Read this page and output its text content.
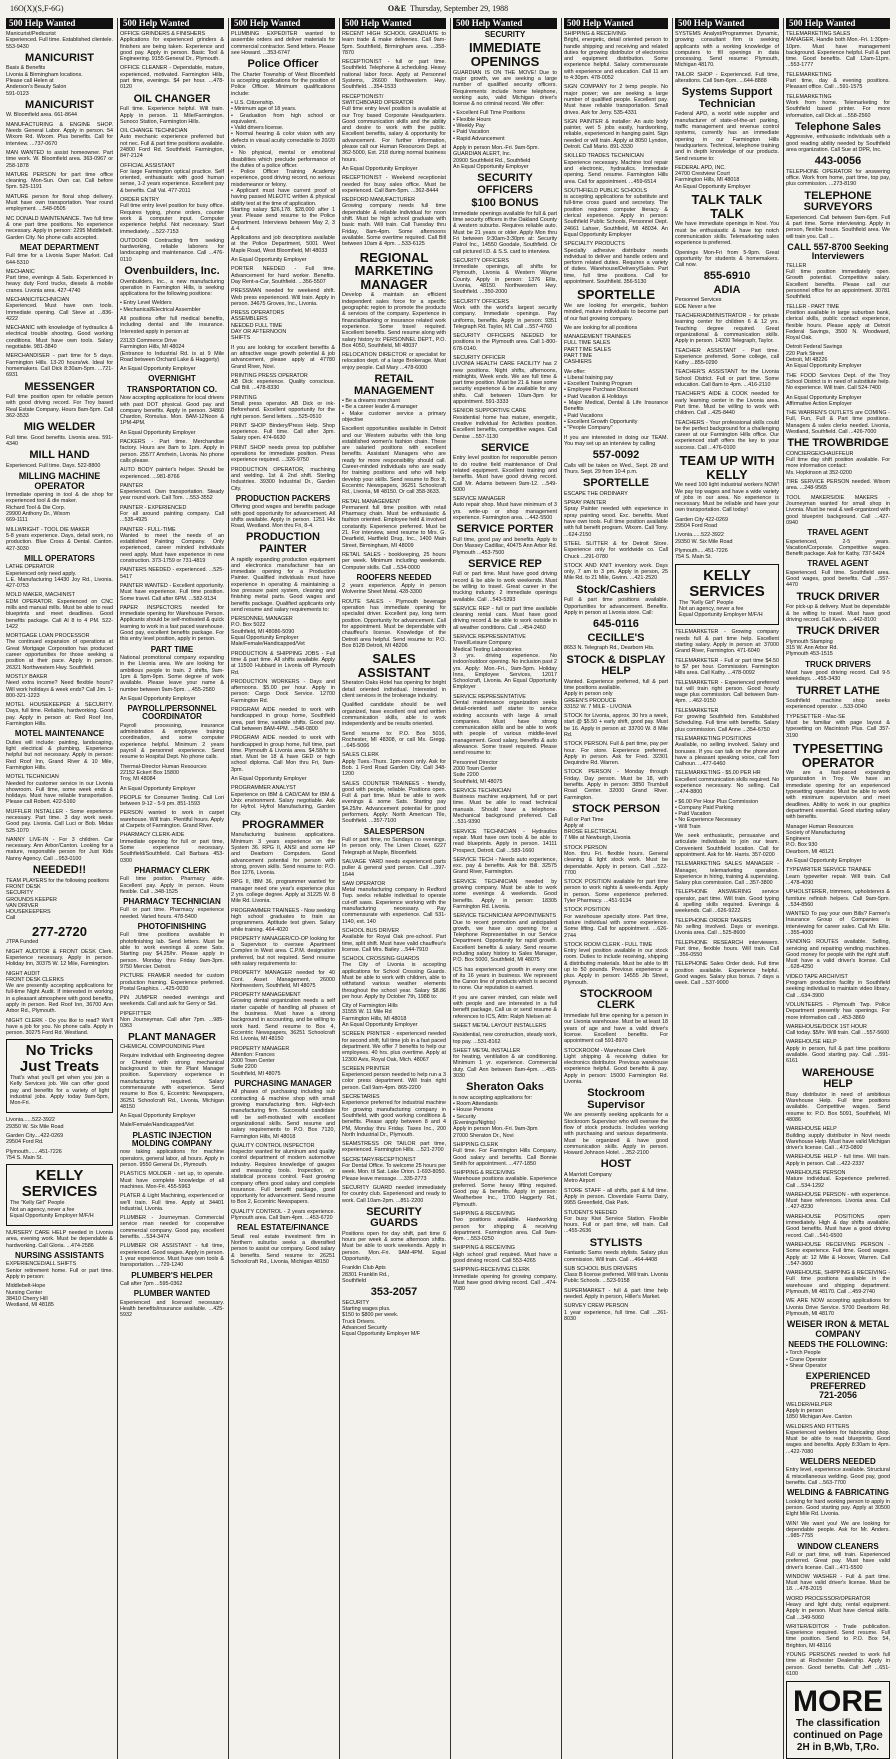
16O(X)(S,F-6G)	O&E Thursday, September 29, 1988
500 Help Wanted
Manicurist/Pedicurist
Experienced. Full time. Established clientele. 553-9430
MANICURIST
Basis & Benefits
Livonia & Birmingham locations.
Please call Helen at
Anderson's Beauty Salon
591-0123
MANICURIST
W. Bloomfield area. 661-8644
MANUFACTURING & ENGINE SHOP. Needs General Labor. Apply in person. 54 Wixom Rd. Wixom. Plus benefits. Call for interview. ...737-0670
MAN WANTED to assist homeowner. Part time work. W. Bloomfield area. 363-0967 or 258-1878
MATURE PERSON for part time office cleaning. Mon-Sun. Own car. Call before 5pm. 525-1191
MATURE person for floral shop delivery. Must have own transportation. Year round employment. ...548-0505
MC DONALD MAINTENANCE. Two full time & one part time positions. No experience necessary. Apply in person: 2295 Middlebelt. Garden City. No phone calls accepted.
MEAT DEPARTMENT
Full time for a Livonia Super Market. Call 644-5310
MECHANIC
Part time, evenings & Sats. Experienced in heavy duty Ford trucks, diesels & mobile cranes. Livonia area. 427-4740
MECHANIC/TECHNICIAN
Experienced. Must have own tools. Immediate opening. Call Steve at ...836-4222
MECHANIC with knowledge of hydraulics & electrical trouble shooting. Good working conditions. Must have own tools. Salary negotiable. 981-3840
MERCHANDISER - part time for 5 days. Farmington Hills. 13-20 hours/wk. Ideal for homemakers. Call Dick 8:30am-5pm. ...721-6931
MESSENGER
Full time position open for reliable person with good driving record. For Troy based Real Estate Company. Hours 8am-5pm. Call 362-3533
MIG WELDER
Full time. Good benefits. Livonia area. 591-4340
MILL HAND
Experienced. Full time. Days. 522-8800
MILLING MACHINE OPERATOR
Immediate opening in tool & die shop for experienced tool & die maker.
Richard Tool & Die Corp.
29900 Anthony Dr., Wixom
669-1111
MILLWRIGHT - TOOL DIE MAKER
5-8 years experience. Days, detail work, no production. Blue Cross & Dental. Canton. 427-3030
MILL OPERATORS
LATHE OPERATOR
Experienced only need apply.
L.E. Manufacturing 14430 Joy Rd., Livonia. 427-0753
MOLD MAKER, MACHINIST
EDM OPERATOR. Experienced on CNC mills and manual mills. Must be able to read blueprints and meet deadlines. Good benefits package. Call Al 8 to 4 PM. 522-1422
MORTGAGE LOAN PROCESSOR
The continued expansion of operations at Great Mortgage Corporation has produced career opportunities for those seeking a position at their pace. Apply in person. 26321 Northwestern Hwy. Southfield.
MOSTLY BAKER
Need extra income? Need flexible hours? Will work holidays & week ends? Call Jim. 1-800-321-1223
MOTEL HOUSEKEEPER & SECURITY. Days, full time. Reliable, hardworking. Good pay. Apply in person at: Red Roof Inn, Farmington Hills.
MOTEL MAINTENANCE
Duties will include: painting, landscaping, light electrical & plumbing. Experience helpful but not necessary. Apply in person: Red Roof Inn, Grand River & 10 Mile, Farmington Hills.
MOTEL TECHNICIAN
Needed for customer service in our Livonia showroom. Full time, some week ends & holidays. Must have reliable transportation. Please call Robert. 422-5160
MUFFLER INSTALLER - Some experience necessary. Part time. 3 day work week. Good pay. Livonia. Call Luci or Bob. Midas 525-1070
NANNY LIVE-IN - For 3 children. Car necessary. Ann Arbor/Canton. Looking for a mature, responsible person for Just Kids Nanny Agency. Call ...953-0100
NEEDED!!
TEAM PLAYERS for the following positions
FRONT DESK
SECURITY
GROUNDS KEEPER
VAN DRIVER
HOUSEKEEPERS
Call
277-2720
JTPA Funded
NIGHT AUDITOR & FRONT DESK Clerk. Experience necessary. Apply in person. Holiday Inn, 30375 W. 12 Mile, Farmington.
NIGHT AUDIT
FRONT DESK CLERKS
We are presently accepting applications for full-time Night Audit. If interested in working in a pleasant atmosphere with good benefits, apply in person. Red Roof Inn, 36700 Ann Arbor Rd., Plymouth.
NIGHT CLERK - Do you like to read? We'll have a job for you. No phone calls. Apply in person. 30275 Ford Rd. Westland.
No Tricks Just Treats
That's what you'll get when you join a Kelly Services job. We can offer good pay and benefits for a variety of light industrial jobs. Apply today 9am-5pm, Mon-Fri.
Livonia......522-3922
29350 W. Six Mile Road
Garden City....422-0269
29504 Ford Rd.
Plymouth.......451-7226
754 S. Main St.
KELLY SERVICES
The "Kelly Girl" People
Not an agency, never a fee
Equal Opportunity Employer M/F/H
NURSERY CARE HELP needed in Livonia area, evening work. Must be dependable & hardworking. Call Gloria. ...474-2586
NURSING ASSISTANTS
EXPERIENCED/ALL SHIFTS
Senior retirement home. Full or part time. Apply in person:
Middlebelt-Hope
Nursing Center
38410 Cherry Hill
Westland, MI 48185
500 Help Wanted
OFFICE GRINDERS & FINISHERS
Applications for experienced grinders & finishers are being taken. Experience and good pay. Apply in person. Basic Tool & Engineering. 9155 General Dr., Plymouth.
OFFICE CLEANER - Dependable, mature, experienced, motivated. Farmington Hills, part time, evenings. $4 per hour. ...478-0120
OIL CHANGER
Full time. Experience helpful. Will train. Apply in person. 11 Mile/Farmington. Sunoco Station, Farmington Hills.
OIL CHANGE TECHNICIAN
Auto mechanic experience preferred but not nec. Full & part time positions available. 24800 Ford Rd. Southfield. Farmington, 847-2124
OFFICIAL ASSISTANT
For large Farmington optical practice. Self oriented, enthusiastic with good human sense, 1-2 years experience. Excellent pay & benefits. Call Val. 477-2011
ORDER ENTRY
Full time entry level position for busy office. Requires typing, phone orders, counter work & computer input. Computer experience helpful. Not necessary. Start immediately. ...522-7153
OUTDOOR Contracting firm seeking hardworking, reliable laborers for landscaping and maintenance. Call ...476-0110
Ovenbuilders, Inc.
Ovenbuilders, Inc., a new manufacturing operation in Farmington Hills, is seeking applications for the following positions:
• Entry Level Welders
• Mechanical/Electrical Assembler
All positions offer full medical benefits, including dental and life insurance. Interested apply in person at:
23133 Commerce Drive
Farmington Hills, MI 48024
(Entrance to Industrial Rd. is at 9 Mile Road between Orchard Lake & Haggerty)
An Equal Opportunity Employer
OVERNIGHT
TRANSPORTATION CO.
Now accepting applications for local drivers with past DOT physical. Good pay and company benefits. Apply in person. 34860 Chardon, Romulus. Mon. 8AM-12Noon & 1PM-4PM.
An Equal Opportunity Employer
PACKERS - Part time. Merchandise factory. Hours are 8am to 1pm. Apply in person. 25577 Amrhein, Livonia. No phone calls please.
AUTO BODY painter's helper. Should be experienced. ...981-8766
PAINTER
Experienced. Own transportation. Steady year round work. Call Tom. ...553-3552
PAINTER - EXPERIENCED
For all around painting company. Call ...535-4925
PAINTER - FULL-TIME
Wanted to meet the needs of an established Painting Company. Only experienced, career minded individuals need apply. Must have experience in new construction. 373-1759 or 731-4819
PAINTERS NEEDED - experienced. ...525-5417
PAINTER WANTED - Excellent opportunity. Must have experience. Full time position. Some travel. Call after 6PM. ...582-9134
PAPER INSPECTORS needed for immediate opening for Warehouse Person. Applicants should be self-motivated & quick learning to work in a fast paced warehouse. Good pay, excellent benefits package. For this entry level position, apply in person.
PART TIME
National promotional company expanding in the Livonia area. We are looking for ambitious people to train. 2 shifts, 9am-1pm & 5pm-9pm. Some degree of work available. Please leave your name & number between 9am-5pm. ...455-2580
An Equal Opportunity Employer
PAYROLL/PERSONNEL COORDINATOR
Payroll processing, insurance administration & employee training coordination, and some computer experience helpful. Minimum 2 years payroll & personnel experience. Send resume to Hospital Dept. No phone calls.
Thermal-Director Human Resources
22152 Eckert Box 15800
Troy, MI 48084
An Equal Opportunity Employer
PEOPLE for Consumer Testing. Call Lori between 9-12 - 5-9 pm. 851-1593
PERSON wanted to work in carpet warehouse. Will train. Plentiful hours. Apply at Carpets of Farmington. Grand River.
PHARMACY CLERK-AIDE
Immediate opening for full or part time, Some experience necessary. Southfield/Southfield. Call Barbara 453-0300
PHARMACY CLERK
Full time position. Pharmacy aide. Excellent pay. Apply in person. Hours flexible. Call ...348-1525
PHARMACY TECHNICIAN
Full or part time. Pharmacy experience needed. Varied hours. 478-5400
PHOTOFINISHING
Full time positions available in photofinishing lab. Send letters. Must be able to work evenings & some Sats. Starting pay $4.25/hr. Please apply in person. Monday thru Friday 9am-3pm. 9750 Mercier. Detroit.
PICTURE FRAMER needed for custom production framing. Experience preferred. Postal Graphics. ...425-0030
PIN JUMPER needed evenings and weekends. Call and ask for Gerry or Sid.
PIPEFITTER
Non Journeyman. Call after 7pm. ...985-0363
PLANT MANAGER
CHEMICAL COMPOUNDING Plant
Require individual with Engineering degree or Chemist with strong mechanical background to train for Plant Manager position. Supervisory experience in manufacturing required. Salary commensurate with experience. Send resume to Box 6, Eccentric Newspapers, 36251 Schoolcraft Rd., Livonia, Michigan 48150
An Equal Opportunity Employer
Male/Female/Handicapped/Vet
PLASTIC INJECTION MOLDING COMPANY
now taking applications for machine operators, general labor, all hours. Apply in person. 9550 General Dr., Plymouth.
PLASTICS MOLDER - set up, to operate. Must have complete knowledge of all machines. Mon-Fri. 455-5963
PLATER & Light Machining, experienced or we'll train. Full time. Apply at 34401 Industrial, Livonia.
PLUMBER - Journeyman. Commercial service man needed for cooperative commercial company. Good pay, excellent benefits. ...534-3474
PLUMBER OR ASSISTANT - full time, experienced. Good wages. Apply in person. 1 year experience. Must have own tools & transportation. ...729-1240
PLUMBER'S HELPER
Call after 7pm ...595-0362
PLUMBER WANTED
Experienced and licensed necessary. Health benefits/insurance available. ...425-5932
500 Help Wanted
PLUMBING EXPEDITER wanted to assemble orders and deliver materials for commercial contractor. Send letters. Please see Howard. ...353-6747
Police Officer
The Charter Township of West Bloomfield is accepting applications for the position of Police Officer. Minimum qualifications include:
• U.S. Citizenship.
• Minimum age of 18 years.
• Graduation from high school or equivalent.
• Valid drivers license.
• Normal hearing & color vision with any defects in visual acuity correctable to 20/20 vision.
• No physical, mental or emotional disabilities which preclude performance of the duties of a police officer.
• Police Officer Training Academy experience, good driving record, no serious misdemeanor or felony.
• Applicant must have current proof of having passed MLEOTC written & physical ability test at the time of application.
Starting salary $26,178. $28,000 after 1 year. Please send resume to the Police Department. Interviews between May 2, 3 & 4.
Applications and job descriptions available at the Police Department, 5001 West Maple Road, West Bloomfield, MI 48033
An Equal Opportunity Employer
PORTER NEEDED - Full time. Advancement for hard worker. Benefits. Day Rent-a-Car, Southfield. ...356-5507
PRESSMAN needed for weekend shift. Web press experienced. Will train. Apply in person. 34675 Groves, Inc., Livonia.
PRESS OPERATORS
ASSEMBLERS
NEEDED FULL TIME
DAY OR AFTERNOON
SHIFTS
If you are looking for excellent benefits & an attractive wage growth potential & job advancement, please apply at 47780 Grand River, Novi.
PRINTING PRESS OPERATOR
AB Dick experience. Quality conscious. Call Bill. ...478-8330
PRINTING
Small press operator. AB Dick or ink-Beforehand. Excellent opportunity for the right person. Send letters. ...525-0510
PRINT SHOP Bindery/Press Help. Shop experience. Full time. Call after 3pm. Salary open. 474-6630
PRINT SHOP needs press top publisher operations for immediate position. Press experience required. ...326-9750
PRODUCTION OPERATOR, machining and welding. 1st & 2nd shift. Sterling Industries. 39300 Industrial Dr., Garden City.
PRODUCTION PACKERS
Offering good wages and benefits package with good opportunity for advancement. All shifts available. Apply in person. 1251 Hix Road, Westland. Mon thru Fri, 8-4.
PRODUCTION PAINTER
A rapidly expanding production equipment and electronics manufacturer has an immediate opening for a Production Painter. Qualified individuals must have experience in operating & maintaining a low pressure paint system, cleaning and finishing metal parts. Good wages and benefits package. Qualified applicants only send resume and salary requirements to:
PERSONNEL MANAGER
P.O. Box 5022
Southfield, MI 48086-5090
Equal Opportunity Employer
Male/Female/Handicapped/Vet
PRODUCTION & SHIPPING JOBS - Full time & part time. All shifts available. Apply at 11500 Hubbard in Livonia off Plymouth Rd.
PRODUCTION WORKERS - Days and afternoons. $5.00 per hour. Apply in person: Cargo Dock Service. 12700 Farmington Rd.
PROGRAM AIDE needed to work with handicapped in group home, Southfield area, part time, variable shifts. Good pay. Call between 8AM-4PM. ...548-0800
PROGRAM AIDE needed to work with handicapped in group home, full time, part time. Plymouth & Livonia area. $4.58/hr to start. Must be 18 & have GED or high school diploma. Call Mon thru Fri, 9am-3pm.
An Equal Opportunity Employer
PROGRAMMER ANALYST
Experience on IBM & CAD/CAM for IBM & Unix environment. Salary negotiable. Ask for Hyfrol. Hyfrol Manufacturing, Garden City.
PROGRAMMER
Manufacturing business applications. Minimum 3 years experience on the System 36. RPG II, ANSI and some HP and Dearborn Computers. Good advancement potential for person with strong, proven skills. Send resume to: P.O. Box 1276, Livonia.
RPG II, IBM 36, programmer wanted for manager need one year's experience plus 2 yrs. college degree. Apply at 31225 W. 8 Mile Rd. Livonia.
PROGRAMMER TRAINEES - Now seeking high school graduates to train as programmers. Aptitude test given. Salary while training. 464-4020
PROPERTY MANAGER/CO-OP looking for a Supervisor to oversee Apartment Complex in West area. C.P.M. designation preferred, but not required. Send resume with salary requirements to:
PROPERTY MANAGER needed for 40 Cont. Asset Management, 26000 Northwestern, Southfield, MI 48075
PROPERTY MANAGEMENT
Growing dental organization needs a self starter capable of handling all phases of the business. Must have a strong background in accounting, and be willing to work hard. Send resume to Box 4, Eccentric Newspapers, 36251 Schoolcraft Rd. Livonia, MI 48150
PROPERTY MANAGER
Attention: Frances
2000 Town Center
Suite 2200
Southfield, MI 48075
PURCHASING MANAGER
All phases of purchasing including sub contracting & machine shop with small growing manufacturing firm. High-tech manufacturing firm. Successful candidate will be self-motivated with excellent organizational skills. Send resume and salary requirements to P.O. Box 7120, Farmington Hills, MI 48018
QUALITY CONTROL INSPECTOR
Inspector wanted for aluminum and quality control department of modern automotive industry. Requires knowledge of gauges and measuring tools. Inspection, or statistical process control. Fast growing company offers good salary and complete insurance. Full benefit package, good opportunity for advancement. Send resume to Box 2, Eccentric Newspapers.
QUALITY CONTROL - 2 years experience. Plymouth area. Call 9am-4pm. ...453-6720
REAL ESTATE/FINANCE
Small real estate investment firm in Northern suburbs seeks a diversified person to assist our company. Good salary & benefits. Send resume to: 26251 Schoolcraft Rd., Livonia, Michigan 48150
500 Help Wanted
RECENT HIGH SCHOOL GRADUATE to learn trade & make deliveries. Call 9am-5pm. Southfield, Birmingham area. ...358-7870
RECEPTIONIST - full or part time. Southfield. Telephone & scheduling. Heavy national labor force. Apply at Personnel Systems, 26600 Northwestern Hwy. Southfield. ...354-1533
RECEPTIONIST/
SWITCHBOARD OPERATOR
Full time entry level position is available at our Troy based Corporate Headquarters. Good communication skills and the ability and desire to work with the public. Excellent benefits, salary & opportunity for advancement. For further information, please call our Human Resources Dept. at 362-5000, Ext. 218 during normal business hours.
An Equal Opportunity Employer
RECEPTIONIST - Weekend receptionist needed for busy sales office. Must be experienced. Call 8am-5pm. ...362-8444
REDFORD MANUFACTURER
Growing company needs full time dependable & reliable individual for noon shift. Must be high school graduate with basic math. Will train. Call Tuesday thru Friday, 8am-4pm. Some afternoons available. Some overtime required. Call Bill between 10am & 4pm. ...533-6125
REGIONAL MARKETING MANAGER
Develop & maintain an efficient independent sales force for a specific geographic region to promote the products & services of the company. Experience in financial/banking or insurance related work experience. Some travel required. Excellent benefits. Send resume along with salary history to: PERSONNEL DEPT., P.O. Box 4050, Southfield, MI 48037
RELOCATION DIRECTOR or specialist for relocation dept. of a large Brokerage. Must enjoy people. Call Mary ...478-6000
RETAIL MANAGEMENT
• Be a dreams merchant
• Be a career leader & manager
• Make customer service a primary objective
Excellent opportunities available in Detroit and our Western suburbs with this long established women's fashion chain. These are salaried positions with excellent benefits. Assistant Managers who are ready for more responsibility should call. Career-minded individuals who are ready for training positions and who will help develop your skills. Send resume to Box 8, Eccentric Newspapers, 36251 Schoolcraft Rd., Livonia, MI 48150. Or call 358-3633.
RETAIL MANAGEMENT
Permanent full time position with retail Pharmacy chain. Must be enthusiastic & fashion oriented. Employee held & involved constantly. Experience preferred. Must be 21. For interview, send resume to Mrs. G. Dearfield, Hartfield Drug, Inc., 1400 Main Street, Birmingham, MI 48009
RETAIL SALES - bookkeeping, 25 hours per week. Minimum including weekends. Computer skills. Call ...534-0000
ROOFERS NEEDED
2 years experience. Apply in person Wolverine Sheet Metal. 428-3300
ROUTE SALES - Plymouth beverage operation has immediate opening for specialist driver. Excellent pay, long term position. Opportunity for advancement. Call for appointment. Must be dependable with chauffeur's license. Knowledge of the Detroit area helpful. Send resume to: P.O. Box 8128 Detroit, MI 48206
SALES ASSISTANT
Sheraton Oaks Hotel has opening for bright detail oriented individual. Interested in client services in the brokerage industry.
Qualified candidate should be well organized, have excellent oral and written communication skills, able to work independently and be results oriented.
Send resume to: P.O. Box 5016, Rochester, MI 48308, or call Ms. Gregg. ...645-5066
SALES CLERK
Apply Tues.-Thurs. 1pm-noon only. Ask for Bob. 1 Ford Road Garden City. Call 348-1200
SALES COUNTER TRAINEES - friendly, good with people, reliable. Positions open. Full & part time. Must be able to work evenings & some Sats. Starting pay $4.25/hr. Advancement potential for good performers. Apply: North American Tile, Southfield. ...357-7100
SALESPERSON
Full or part time, no Sundays no evenings. In person only. The Linen Closet, 6227 Telegraph at Maple, Bloomfield.
SALVAGE YARD needs experienced parts puller & general yard person. Call ...397-1644
SAW OPERATOR
Metal manufacturing company in Redford Twp. seeks reliable individual to operate cut-off saws. Experience working with the manufacturing necessary. Pay commensurate with experience. Call 531-1140, ext. 140
SCHOOL BUS DRIVER
Available for Royal Oak pre-school. Part time, split shift. Must have valid chauffeur's license. Call Mrs. Bailey ...544-7910
SCHOOL CROSSING GUARDS
The City of Livonia is accepting applications for School Crossing Guards. Must be able to work with children, able to withstand various weather elements throughout the school year. Salary $8.86 per hour. Apply by October 7th, 1988 to:
City of Farmington Hills
31555 W. 11 Mile Rd
Farmington Hills, MI 48018
An Equal Opportunity Employer
SCREEN PRINTER - experienced needed for second shift, full time job in a fast paced department. We offer 7 benefits to help our employees. 40 hrs. plus overtime. Apply at 12300 Avis, Royal Oak, Mich. 48067
SCREEN PRINTER
Experienced person needed to help run a 3 color press department. Will train right person. Call 9am-4pm. 865-2200
SECRETARIES
Experience preferred for industrial machine for growing manufacturing company in Southfield, with good working conditions & benefits. Please apply between 8 and 4 PM, Monday thru Friday. Taxes Inc., 200 North Industrial Dr., Plymouth.
SEAMSTRESS OR TAILOR part time, experienced. Farmington Hills. ...521-2700
SECRETARY/RECEPTIONIST
For Dental Office. To welcome 25 hours per week. Mon. til Sat. Lake Orion. 1-693-8050. Please leave message. ...335-2773
SECURITY GUARD needed immediately for country club. Experienced and ready to work. Call 10am-2pm. ...851-2200
SECURITY GUARDS
Positions open for day shift, part time 6 hours per week & some afternoon shifts. Must be able to work weekends. Apply in person. Mon.-Fri. 9AM-4PM. Equal Opportunity.
Franklin Club Apts
28301 Franklin Rd.,
Southfield
353-2057
SECURITY
Starting wages plus.
$150 to $800 per week.
Truck Drivers.
Advanced Security
Equal Opportunity Employer M/F
500 Help Wanted
SECURITY
IMMEDIATE OPENINGS
GUARDIAN IS ON THE MOVE! Due to major growth, we are seeking a large number of qualified security officers. Requirements include home telephone, working auto, valid Michigan driver's license & no criminal record. We offer:
• Excellent Full Time Positions
• Flexible Hours
• Weekly Pay
• Paid Vacation
• Rapid Advancement
Apply in person Mon.-Fri. 9am-5pm.
GUARDIAN ALERT, Inc.
20900 Southfield Rd., Southfield
An Equal Opportunity Employer
SECURITY OFFICERS
$100 BONUS
Immediate openings available for full & part time security officers in the Oakland County & western suburbs. Requires reliable auto. Must be 21 years or older. Apply Mon thru Fri between 9:30am-3:30pm at: Security Patrol Inc., 14550 Goodale, Southfield. Or call pictured I.D. & S.S. card to interview.
SECURITY OFFICERS
Immediate openings, all shifts for Plymouth, Livonia & Western Wayne County. Apply in person: 1376 Ellis, Livonia, 48150. Northwestern Hwy. Southfield. ...350-2000
SECURITY OFFICERS
Work with the world's largest security company. Immediate openings. Pay uniforms, benefits. Apply in person: 9351 Telegraph Rd. Taylor, MI. Call ...557-4760
SECURITY OFFICERS NEEDED for positions in the Plymouth area. Call 1-800-678-0140.
SECURITY OFFICER
LIVONIA HEALTH CARE FACILITY has 2 new positions. Night shifts, afternoons, midnights, Week ends. We are full time & part time position. Must be 21 & have some security experience & be available for any shifts. Call between 10am-3pm for appointment. 591-3333
SENIOR SUPPORTIVE CARE
Residential home has mature, energetic, creative individual for Activities position. Excellent benefits, competitive wages. Call Denise ...557-1130
SERVICE
Entry level position for responsible person to do routine field maintenance of Oral related equipment. Excellent training and benefits. Must have good driving record. Call Mr. Adams between 9am-12. ...549-5000
SERVICE MANAGER
Auto repair shop. Must have minimum of 3 yrs. write-up or shop management experience. Farmington area. ...442-5500
SERVICE PORTER
Full time, good pay and benefits. Apply to Don Massey Cadillac, 40475 Ann Arbor Rd. Plymouth ...453-7500
SERVICE REP
Full or part time. Must have good driving record & be able to work weekends. Must be willing to travel. Great career in the trucking industry. 2 immediate openings available. Call ...543-5393
SERVICE REP - full or part time available cleaning rental cars. Must have good driving record & be able to work outside in all weather conditions. Call ...454-2460
SERVICE REPRESENTATIVE
Travel/Leisure Company
Medical Testing Laboratories
3 yrs. driving experience. No indoor/outdoor opening. No inclusion past 2 yrs. Apply: Mon.-Fri., 9am-5pm. Holiday Inns, Employee Services, 12017 Schoolcraft, Livonia. An Equal Opportunity Employer
SERVICE REPRESENTATIVE
Dental maintenance organization seeks detail-oriented self starter to service existing accounts with large & small companies. Must have strong communication skills and be able to work with people of various middle-level management. Good salary, benefits & auto allowance. Some travel required. Please send resume to:
Personnel Director
2000 Town Center
Suite 2200
Southfield, MI 48075
SERVICE TECHNICIAN
Business machine equipment, full or part time. Must be able to read technical manuals. Should have a telephone. Mechanical background preferred. Call ...531-9390
SERVICE TECHNICIAN - Hydraulics repair. Must have own tools & be able to read blueprints. Apply in person. 14111 Prospect, Detroit. Call ...583-1660
SERVICE TECH - Needs auto experience, exc. pay & benefits. Ask for Bill. 32575 Grand River, Farmington.
SERVICE TECHNICIAN needed by growing company. Must be able to work some evenings & weekends. Good benefits. Apply in person: 18305 Farmington Rd. Livonia.
SERVICE TECHNICIAN/ APPOINTMENTS
Due to recent promotion and anticipated growth, we have an opening for a Telephone Representative in our Service Department. Opportunity for rapid growth. Excellent benefits & salary. Send resume including salary history to Sales Manager, P.O. Box 5000, Southfield, MI 48075
ICS has experienced growth in every one of its 16 years in business. We represent the Canon line of products which is second to none. Our reputation is earned.
If you are career minded, can relate well with people and are interested in a full benefit package, Call us or send resume & references to ICS, Attn: Ralph Nielsen at:
SHEET METAL LAYOUT INSTALLERS
Residential, new construction, steady work, top pay. ...531-8162
SHEET METAL INSTALLER
for heating, ventilation & air conditioning. Minimum 1 yr. experience. Commercial duty. Call Ann between 8am-4pm. ...455-3030
Sheraton Oaks
is now accepting applications for:
• Room Attendants
• House Persons
• Security
(Evenings/Nights)
Apply in person Mon.-Fri. 9am-3pm
27000 Sheraton Dr., Novi
SHIPPING CLERK
Full time. For Farmington Hills Company. Good salary and benefits. Call Bonnie Smith for appointment. ...477-1850
SHIPPING & RECEIVING
Warehouse positions available. Experience preferred. Some heavy lifting required. Good pay & benefits. Apply in person: Weatherbee Inc., 1700 Haggerty Rd., Plymouth.
SHIPPING & RECEIVING
Two positions available. Hardworking person for shipping & receiving department. Farmington area. Call 9am-4pm. ...553-0250
SHIPPING & RECEIVING
High school grad required. Must have a good driving record. Call 553-4265
SHIPPING-RECEIVING CLERK
Immediate opening for growing company. Must have good driving record. Call ...474-7080
500 Help Wanted
SHIPPING & RECEIVING
Bright, energetic, detail oriented person to handle shipping and receiving and related duties for growing distributor of electronics and equipment distribution. Some experience helpful. Salary commensurate with experience and education. Call 11 am to 4:30pm. 478-0052
SIGN COMPANY for 2 temp people. No major power; we are seeking a large number of qualified people. Excellent pay. Must have reliable transportation. Small drives. Ask for Jerry. 535-4331
SIGN PAINTER & installer: An auto body painter, wet 5 jobs easily, hardworking, reliable, experienced in hanging paint. Sign needed or will train. Apply at 8050 Lyndon, Detroit. Call Mario. 891-3330
SKILLED TRADES TECHNICIAN
Experience necessary. Machine tool repair and electronic, hydraulics. Immediate opening. Send resume. Farmington Hills area. Call for appointment. ...459-6514
SOUTHFIELD PUBLIC SCHOOLS
is accepting applications for substitute and full-time cross guard and secretary. The position requires computer literacy & clerical experience. Apply in person: Southfield Public Schools, Personnel Dept. 24661 Lahser, Southfield, MI 48034. An Equal Opportunity Employer
SPECIALTY PRODUCTS
Specialty adhesive distributor needs individual to deliver and handle orders and perform related duties. Requires a variety of duties. Warehouse/Delivery/Sales. Part time, full time positions. Call for appointment. Southfield. 356-5130
SPORTELLE
We are looking for energetic, fashion minded, mature individuals to become part of our fast growing company.
We are looking for all positions
MANAGEMENT TRAINEES
FULL TIME SALES
PART TIME SALES
PART TIME
CASHIERS
We offer:
• Liberal training pay
• Excellent Training Program
• Employee Purchase Discount
• Paid Vacation & Holidays
• Major Medical, Dental & Life Insurance Benefits
• Paid Vacations
• Excellent Growth Opportunity
• "People Company"
If you are interested in doing our TEAM. You may set up an interview by calling
557-0092
Calls will be taken on Wed., Sept. 28 and Thurs. Sept. 29 from 10-4 p.m.
SPORTELLE
ESCAPE THE ORDINARY
SPRAY PAINTER
Spray Painter needed with experience in spray painting wood. Exc. benefits. Must have own tools. Full time position available with full benefit program. Wixom. Call Tony. ...624-2150
STEEL SLITTER & for Detroit Store. Experience only for worldwide co. Call Chuck ...291-0780
STOCK AND KNIT inventory work. Days only, 7 am to 3 pm. Apply in person, 25 Mile Rd. to 21 Mile, Gwinn. ...421-2520
Stock/Cashiers
Full & part time positions available. Opportunities for advancement. Benefits. Apply in person at Livonia store. Call:
645-0116
CECILLE'S
8653 N. Telegraph Rd., Dearborn Hts.
STOCK & DISPLAY HELP
Wanted. Experience preferred, full & part time positions available.
Apply in person only
GREEN'S PRODUCE
33152 W. 7 MILE - LIVONIA
STOCK for Livonia, approx. 30 hrs a week, start @ $5.50 + early shift, good pay. Must be 16. Apply in person at: 33700 W. 8 Mile Rd.
STOCK PERSON. Full & part time, pay per hour. For store. Experience preferred. Apply in person. Ask for Fred. 32301 Dequindre Rd. Warren.
STOCK PERSON - Monday through Friday. Day person. Must be 18, with benefits. Apply in person: 3850 Trumbull Road Center. 32000 Grand River. Farmington.
STOCK PERSON
Full or Part Time
Apply at
BROSE ELECTRICAL
7 Mile at Newburgh, Livonia
STOCK PERSON
Mon. thru Fri. flexible hours. General cleaning & light stock work. Must be dependable. Apply in person. Call ...522-7700
STOCK POSITION available for part time person to work nights & week-ends. Apply in person. Some experience preferred. Tyler Pharmacy. ...451-9134
STOCK POSITION
For warehouse specialty store. Part time, mature individual with some experience. Some lifting. Call for appointment. ...626-2744
STOCK ROOM CLERK - FULL TIME
Entry level position available in our stock room. Duties to include receiving, shipping & distributing materials. Must be able to lift up to 50 pounds. Previous experience a plus. Apply in person: 14555 Jib Street, Plymouth.
STOCKROOM CLERK
Immediate full time opening for a person in our Livonia warehouse. Must be at least 18 years of age and have a valid driver's license. Excellent benefits. For appointment call 591-8970
STOCKROOM - Warehouse Clerk
Light shipping & receiving duties for electronics distributor. Previous warehouse experience helpful. Good benefits & pay. Apply in person: 15000 Farmington Rd. Livonia.
Stockroom Supervisor
We are presently seeking applicants for a Stockroom Supervisor who will oversee the flow of stock products. Includes working with purchasing and various departments. Must be organized & have good communication skills. Apply in person. Howard Johnson Hotel. ...352-2100
HOST
A Marriott Company
Metro Airport
STORE STAFF - all shifts, part & full time. Apply in person. Cloverdale Farms Dairy, 9955 Greenfield, Oak Park.
STUDENTS NEEDED
For busy Kiwi Service Station. Flexible hours. Full or part time, will train. Call ...455-2636
STYLISTS
Fantastic Sams needs stylists. Salary plus commission. Will train. Call ...464-4408
SUB SCHOOL BUS DRIVERS
Class B license preferred. Will train. Livonia Public Schools. ...523-9158
SUPERMARKET - full & part time help needed. Apply in person, Hiller's Market.
SURVEY CREW PERSON
1 year experience, full time. Call ...261-8030
500 Help Wanted
SYSTEMS Analyst/Programmer. Dynamic, growing consultant firm is seeking applicants with a working knowledge of computers to fill openings in data processing. Send resume: Plymouth, Michigan 48170.
TAILOR SHOP - Experienced. Full time, alterations. Call 9am-6pm. ...644-8888
Systems Support Technician
Federal APD, a world wide supplier and manufacturer of state-of-the-art parking, traffic management and revenue control systems, currently has an immediate opening in our Farmington Hills headquarters. Technical, telephone training and in depth knowledge of our products. Send resume to:
FEDERAL APD, INC.
24700 Crestview Court
Farmington Hills, MI 48018
An Equal Opportunity Employer
TALK TALK TALK
We have immediate openings in Novi. You must be enthusiastic & have top notch communication skills. Telemarketing sales experience is preferred.
Openings Mon-Fri from 5-9pm. Great opportunity for students & homemakers. Call now.
855-6910
ADIA
Personnel Services
EOE Never a fee
TEACHER/ADMINISTRATOR - for private learning center for children 6 & 12 yrs. Teaching degree required. Great organizational & communication skills. Apply in person. 14200 Telegraph, Taylor.
TEACHER ASSISTANT - Part time. Experience preferred. Some college, call Kathy ...855-0290
TEACHER'S ASSISTANT for the Livonia School District. Full or part time. Some education. Call 8am to 4pm. ...416-2110
TEACHER'S AIDE & COOK needed for early learning center in the Livonia area. Part time. Must be willing to work with children. Call ...425-8440
TEACHERS - Your professional skills could be the perfect background for a challenging career at our Farmington Hills office. Our experienced staff offers the key to your success. Call ...476-0100
TEAM UP WITH KELLY
We need 100 light industrial workers NOW! We pay top wages and have a wide variety of jobs in our area. No experience is necessary. Must be reliable and have your own transportation. Call today!
Garden City 422-0269
29504 Ford Road
Livonia......522-3922
29350 W. Six Mile Road
Plymouth.....451-7226
754 S. Main St.
KELLY SERVICES
The "Kelly Girl" People
Not an agency, never a fee
Equal Opportunity Employer M/F/H
TELEMARKETER - Growing company needs full & part time help. Excellent starting salary. Apply in person at: 37000 Grand River, Farmington. 471-6040
TELEMARKETER - Full or part time $4.50 to $7 per hour. Commission. Farmington Hills area. Call Kathy. ...478-0092
TELEMARKETER - Experienced preferred but will train right person. Good hourly wage plus commission. Call between 9am-4pm. ...462-9150
TELEMARKETER
For growing Southfield firm. Established Scheduling. Full time with benefits. Salary plus commission. Call Anne ...354-6750
TELEMARKETING POSITIONS
Available, no selling involved. Salary and bonuses. If you can talk on the phone and have a pleasant speaking voice, call Tom Calhoun. ...477-6460
TELEMARKETING - $5.00 PER HR
Excellent communication skills required. No experience necessary. No selling. Call ...474-8800
• $6.00 Per Hour Plus Commission
• Company Paid Parking
• Paid Vacation
• No Experience Necessary
• Will Train
We seek enthusiastic, persuasive and articulate individuals to join our team. Convenient Southfield location. Call for appointment. Ask for Mr. Harris. 357-0200
TELEMARKETING SALES MANAGER - Manager, telemarketing operation. Experience in hiring, training & supervising. Salary plus commission. Call ...357-3800
TELEPHONE ANSWERING service operator, part time. Will train. Good typing & spelling skills required. Evenings & weekends. Call ...626-9222
TELEPHONE ORDER TAKERS
No selling involved. Days or evenings. Livonia area. Call ...525-8600
TELEPHONE RESEARCH interviewers. Part time, flexible hours. Will train. Call ...356-0550
TELEPHONE Sales Order desk. Full time position available. Experience helpful. Good wages. Salary plus bonus. 7 days a week. Call ...537-9000
500 Help Wanted
TELEMARKETING SALES
MANAGER, Handle both Mon.-Fri. 1:30pm-10pm. Must have management background. Experience helpful. Full & part time. Good benefits. Call 12am-11pm. ...553-1777
TELEMARKETING
Part time, day & evening positions. Pleasant office. Call ...591-1575
TELEMARKETING
Work from home. Telemarketing for Southfield based printer. For more information, call Dick at ...558-2560
Telephone Sales
Aggressive, enthusiastic individuals with a good reading ability needed by Southfield area organization. Call Sue at DPR, Inc.
443-0056
TELEPHONE OPERATOR for answering office. Work from home, part time, top pay, plus commission. ...273-8190
TELEPHONE SURVEYORS
Experienced. Call between 9am-6pm. Full & part time. Some interviewing. Apply in person, flexible hours. Southfield area. We will train you. Call ...
CALL 557-8700 Seeking Interviewers
TELLER
Full time position immediately open. Growth potential. Competitive salary. Excellent benefits. Please call our personnel office for an appointment. 30781 Southfield.
TELLER - PART TIME
Position available in large suburban bank, clerical skills, public contact experience, flexible hours. Please apply at Detroit Federal Savings, 3500 N. Woodward, Royal Oak.
Detroit Federal Savings
220 Park Street
Detroit, MI 48226
An Equal Opportunity Employer
THE FOOD Services Dept. of the Troy School District is in need of substitute help. No experience. Will train. Call 524-7400
An Equal Opportunity Employer
Affirmative Action Employer
THE WARREN'S OUTLETS are COMING - Full, Fun, Full & Part time positions. Managers & sales clerks needed. Livonia, Westland, Southfield. Call ...426-7000
THE TROWBRIDGE
CONCIERGE/CHAUFFEUR
Full time day shift position available. For more information contact:
Ms. Hopkinson at 352-0200
TIRE SERVICE PERSON needed. Wixom area. ...248-9565
TOOL MAKERS/DIE MAKERS - Journeyman wanted for small shop in Livonia. Must be neat & well-organized with good blueprint background. Call ...427-0940
TRAVEL AGENT
Experienced, 2-5 years. Vacation/Corporate. Competitive wages. Benefit package. Ask for Kathy. 737-5424
TRAVEL AGENT
Experienced. Full time. Southfield area. Good wages, good benefits. Call ...557-4470
TRUCK DRIVER
For pick-up & delivery. Must be dependable & be willing to travel. Must have good driving record. Call Kevin. ...442-8100
TRUCK DRIVER
Plymouth Stamping
315 W. Ann Arbor Rd.
Plymouth 453-1515
TRUCK DRIVERS
Must have good driving record. Call 9-5 weekdays. ...455-3430
TURRET LATHE
Southfield machine shop seeks experienced operator. ...533-0040
TYPESETTER - Mac-SE
Must be familiar with page layout & typesetting on Macintosh Plus. Call 357-3190
TYPESETTING OPERATOR
We are a fast-paced expanding organization in Troy. We have an immediate opening for an experienced typesetting operator. Must be able to work with minimum supervision and meet deadlines. Ability to work in our graphics department essential. Good starting salary with benefits.
Manager Human Resources
Society of Manufacturing
Engineers
P.O. Box 930
Dearborn, MI 48121
An Equal Opportunity Employer
TYPEWRITER SERVICE TRAINEE
Learn typewriter repair. Will train. Call ...478-4090
UPHOLSTERER, trimmers, upholsterers & furniture refinish helpers. Call 9am-5pm. ...534-8560
WANTED To pay your own Bills? Farmer's Insurance Group of Companies is interviewing for career sales. Call Mr. Ellis. ...355-4000
VENDING ROUTES available. Selling, servicing and repairing vending machines. Good money for people with the right stuff. Must have a valid driver's license. Call ...628-4250
VIDEO TAPE ARCHIVIST
Program production facility in Southfield seeking individual to maintain video library. Call ...634-3900
VOLUNTEERS - Plymouth Twp. Police Department presently has openings. For more information call ...453-3869
WAREHOUSE/DOCK 1ST HOUR
Call today. $5/hr. Will train. Call ...557-5600
WAREHOUSE HELP
Apply in person, full & part time positions available. Good starting pay. Call ...591-6161
WAREHOUSE HELP
Busy distributor in need of ambitious Warehouse Help. Full time positions available. Competitive wages. Send resume to: P.O. Box 5091, Southfield, MI 48086
WAREHOUSE HELP
Building supply distributor in Novi needs Warehouse Help. Must have valid Michigan driver's license. Call ...473-0800
WAREHOUSE HELP - full time. Will train. Apply in person. Call ...422-2337
WAREHOUSE PERSON
Mature individual. Experience preferred. Call ...534-1292
WAREHOUSE PERSON - with experience. Must have references. Livonia area. Call ...427-8230
WAREHOUSE POSITIONS open immediately. High & day shifts available. Good benefits. Must have a good driving record. Call ...541-6500
WAREHOUSE RECEIVING PERSON - Some experience. Full time. Good wages. Apply at: 12 Mile & Hoover, Warren. Call ...547-3600
WAREHOUSE, SHIPPING & RECEIVING - Full time positions available in the warehouse and shipping department. Plymouth, MI 48170. Call ...459-2740
WE ARE NOW accepting applications for Livonia Drive Service. 5700 Dearborn Rd. Plymouth, MI 48170
WEISER IRON & METAL COMPANY
NEEDS THE FOLLOWING:
• Torch People
• Crane Operator
• Shear Operator
EXPERIENCED PREFERRED
721-2056
WELDER/HELPER
Apply in person
1850 Michigan Ave. Canton
WELDERS AND FITTERS
Experienced welders for fabricating shop. Must be able to read blueprints. Good wages and benefits. Apply 8:30am to 4pm. ...422-7080
WELDERS NEEDED
Entry level, experience available. Structural & miscellaneous welding. Good pay, good benefits. Call ...563-7700
WELDING & FABRICATING
Looking for hard working person to apply in person. Good starting pay. Apply at 30500 Eight Mile Rd. Livonia.
WIN! We want you! We are looking for dependable people. Ask for Mr. Anders. ...985-7755
WINDOW CLEANERS
Full or part time, will train. Experienced preferred. Great pay. Must have valid driver's license. Call ...471-5500
WINDOW WASHER - Full & part time. Must have valid driver's license. Must be 18. ...478-2015
WORD PROCESSOR/OPERATOR
Heavy and light duty, rental equipment. Apply in person. Must have clerical skills. Call ...349-5060
WRITER/EDITOR - Trade publication. Experience required. Send resume. Full time position. Send to P.O. Box 54, Brighton, MI 48116
YOUNG PERSONS needed to work full time at Rochester Dealership. Apply in person. Good benefits. Call Jeff ...651-6100
MORE
The classification continued on Page 2H in B,Wb, T,Ro.
